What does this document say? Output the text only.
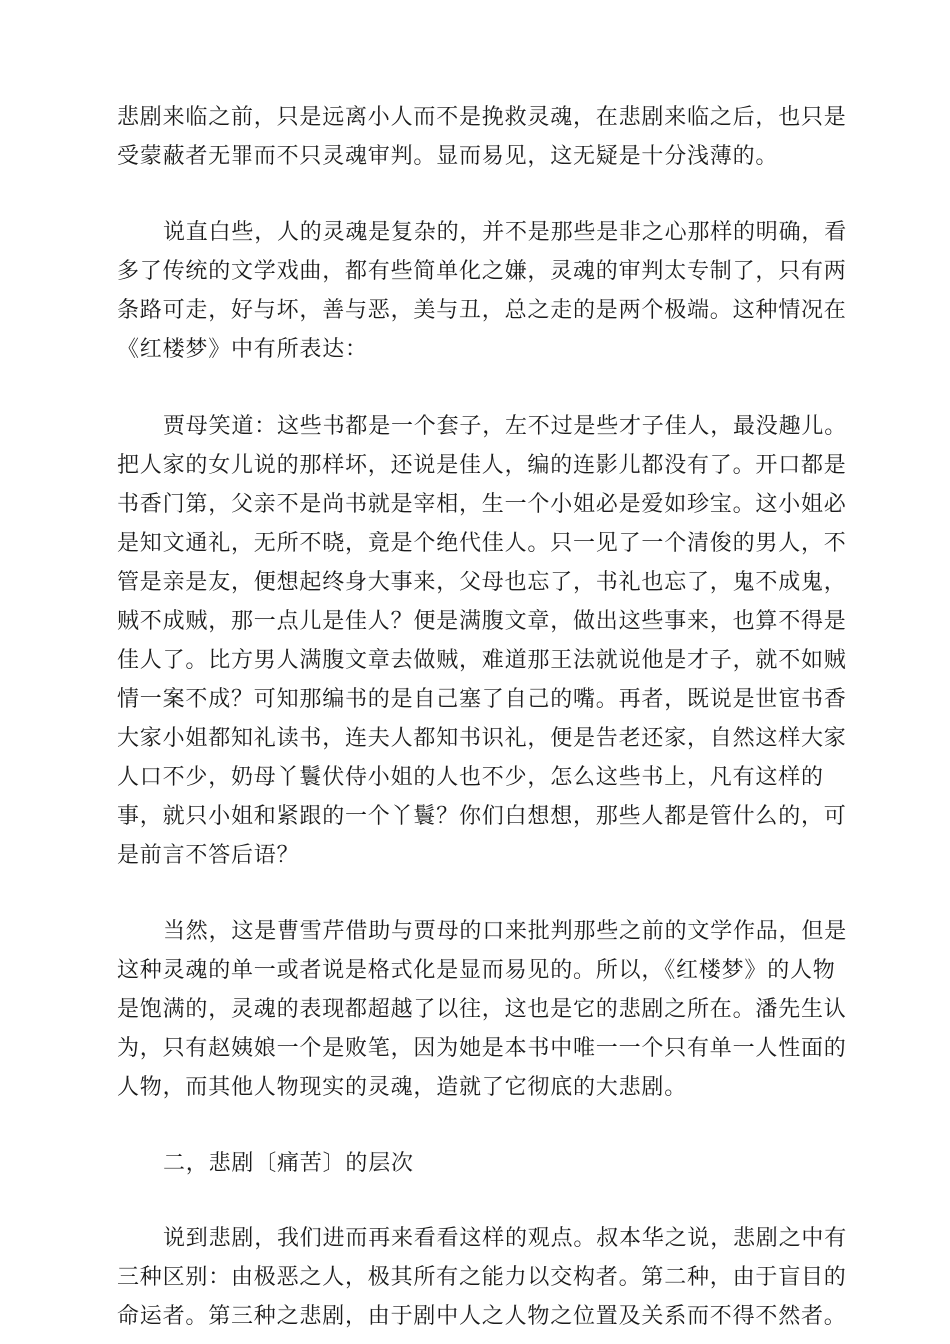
悲剧来临之前，只是远离小人而不是挽救灵魂，在悲剧来临之后，也只是
受蒙蔽者无罪而不只灵魂审判。显而易见，这无疑是十分浅薄的。
说直白些，人的灵魂是复杂的，并不是那些是非之心那样的明确，看
多了传统的文学戏曲，都有些简单化之嫌，灵魂的审判太专制了，只有两
条路可走，好与坏，善与恶，美与丑，总之走的是两个极端。这种情况在
《红楼梦》中有所表达：
贾母笑道：这些书都是一个套子，左不过是些才子佳人，最没趣儿。
把人家的女儿说的那样坏，还说是佳人，编的连影儿都没有了。开口都是
书香门第，父亲不是尚书就是宰相，生一个小姐必是爱如珍宝。这小姐必
是知文通礼，无所不晓，竟是个绝代佳人。只一见了一个清俊的男人，不
管是亲是友，便想起终身大事来，父母也忘了，书礼也忘了，鬼不成鬼，
贼不成贼，那一点儿是佳人？便是满腹文章，做出这些事来，也算不得是
佳人了。比方男人满腹文章去做贼，难道那王法就说他是才子，就不如贼
情一案不成？可知那编书的是自己塞了自己的嘴。再者，既说是世宦书香
大家小姐都知礼读书，连夫人都知书识礼，便是告老还家，自然这样大家
人口不少，奶母丫鬟伏侍小姐的人也不少，怎么这些书上，凡有这样的
事，就只小姐和紧跟的一个丫鬟？你们白想想，那些人都是管什么的，可
是前言不答后语？
当然，这是曹雪芹借助与贾母的口来批判那些之前的文学作品，但是
这种灵魂的单一或者说是格式化是显而易见的。所以，《红楼梦》的人物
是饱满的，灵魂的表现都超越了以往，这也是它的悲剧之所在。潘先生认
为，只有赵姨娘一个是败笔，因为她是本书中唯一一个只有单一人性面的
人物，而其他人物现实的灵魂，造就了它彻底的大悲剧。
二，悲剧〔痛苦〕的层次
说到悲剧，我们进而再来看看这样的观点。叔本华之说，悲剧之中有
三种区别：由极恶之人，极其所有之能力以交构者。第二种，由于盲目的
命运者。第三种之悲剧，由于剧中人之人物之位置及关系而不得不然者。
